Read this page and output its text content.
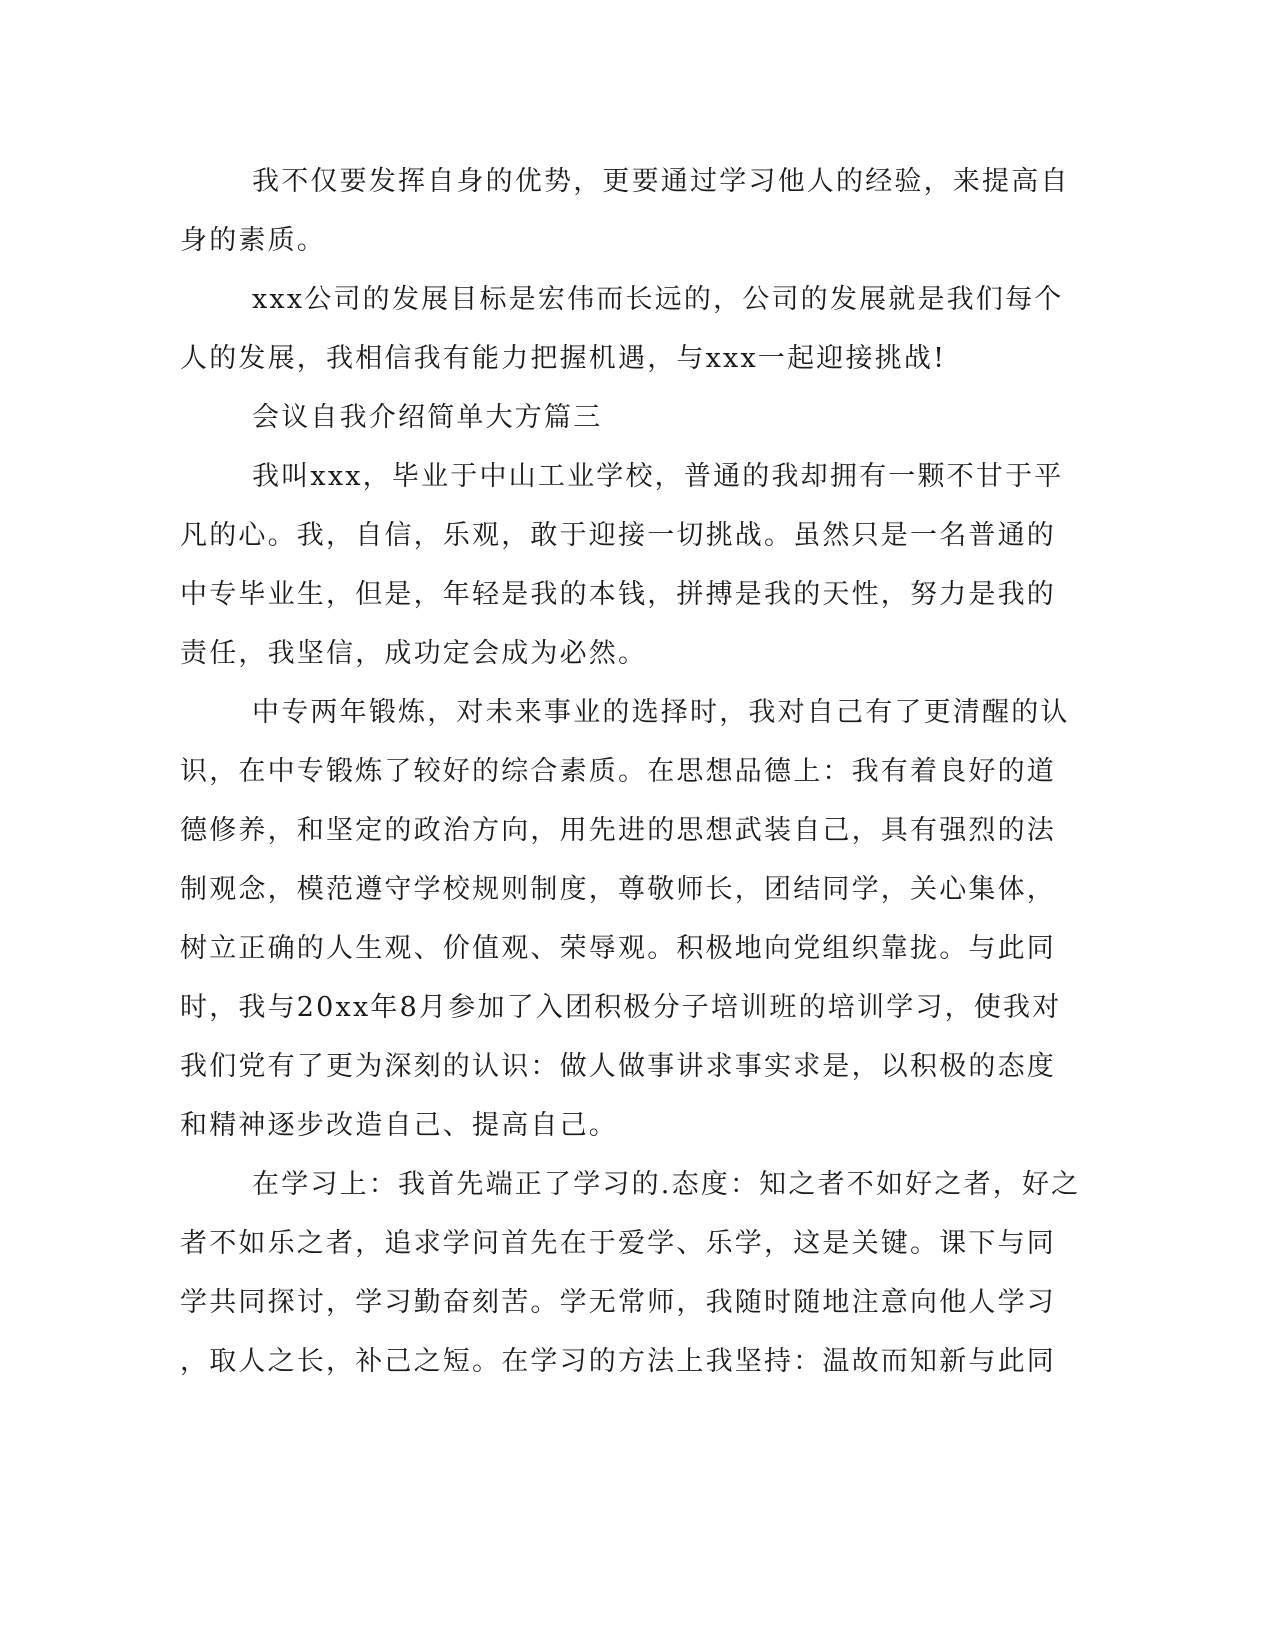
我不仅要发挥自身的优势，更要通过学习他人的经验，来提高自
身的素质。
xxx公司的发展目标是宏伟而长远的，公司的发展就是我们每个
人的发展，我相信我有能力把握机遇，与xxx一起迎接挑战!
会议自我介绍简单大方篇三
我叫xxx，毕业于中山工业学校，普通的我却拥有一颗不甘于平
凡的心。我，自信，乐观，敢于迎接一切挑战。虽然只是一名普通的
中专毕业生，但是，年轻是我的本钱，拼搏是我的天性，努力是我的
责任，我坚信，成功定会成为必然。
中专两年锻炼，对未来事业的选择时，我对自己有了更清醒的认
识，在中专锻炼了较好的综合素质。在思想品德上：我有着良好的道
德修养，和坚定的政治方向，用先进的思想武装自己，具有强烈的法
制观念，模范遵守学校规则制度，尊敬师长，团结同学，关心集体，
树立正确的人生观、价值观、荣辱观。积极地向党组织靠拢。与此同
时，我与20xx年8月参加了入团积极分子培训班的培训学习，使我对
我们党有了更为深刻的认识：做人做事讲求事实求是，以积极的态度
和精神逐步改造自己、提高自己。
在学习上：我首先端正了学习的.态度：知之者不如好之者，好之
者不如乐之者，追求学问首先在于爱学、乐学，这是关键。课下与同
学共同探讨，学习勤奋刻苦。学无常师，我随时随地注意向他人学习
，取人之长，补己之短。在学习的方法上我坚持：温故而知新与此同
